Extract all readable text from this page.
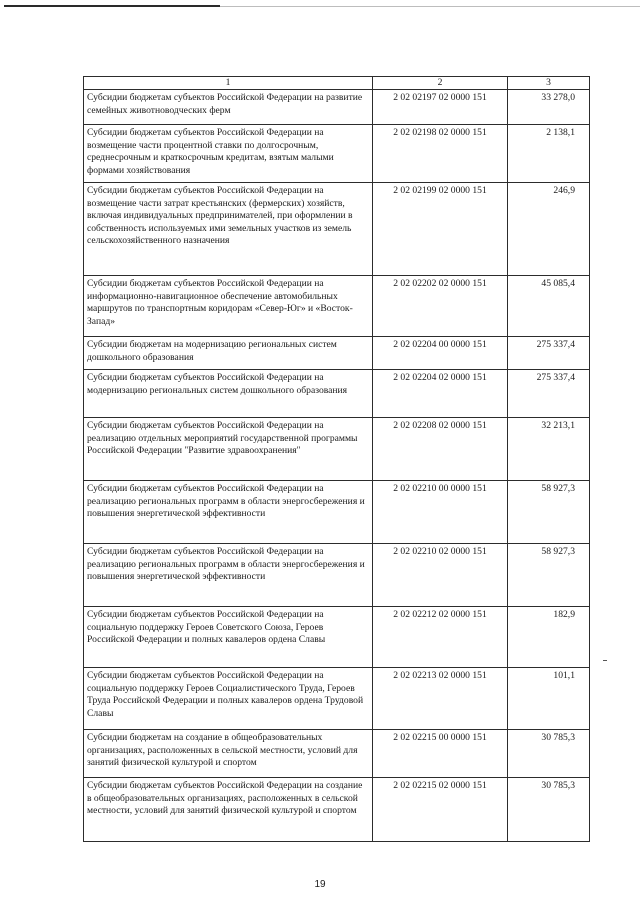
1	2	3
Субсидии бюджетам субъектов Российской Федерации на развитие семейных животноводческих ферм	2 02 02197 02 0000 151	33 278,0
Субсидии бюджетам субъектов Российской Федерации на возмещение части процентной ставки по долгосрочным, среднесрочным и краткосрочным кредитам, взятым малыми формами хозяйствования	2 02 02198 02 0000 151	2 138,1
Субсидии бюджетам субъектов Российской Федерации на возмещение части затрат крестьянских (фермерских) хозяйств, включая индивидуальных предпринимателей, при оформлении в собственность используемых ими земельных участков из земель сельскохозяйственного назначения	2 02 02199 02 0000 151	246,9
Субсидии бюджетам субъектов Российской Федерации на информационно-навигационное обеспечение автомобильных маршрутов по транспортным коридорам «Север-Юг» и «Восток-Запад»	2 02 02202 02 0000 151	45 085,4
Субсидии бюджетам на модернизацию региональных систем дошкольного образования	2 02 02204 00 0000 151	275 337,4
Субсидии бюджетам субъектов Российской Федерации на модернизацию региональных систем дошкольного образования	2 02 02204 02 0000 151	275 337,4
Субсидии бюджетам субъектов Российской Федерации на реализацию отдельных мероприятий государственной программы Российской Федерации "Развитие здравоохранения"	2 02 02208 02 0000 151	32 213,1
Субсидии бюджетам субъектов Российской Федерации на реализацию региональных программ в области энергосбережения и повышения энергетической эффективности	2 02 02210 00 0000 151	58 927,3
Субсидии бюджетам субъектов Российской Федерации на реализацию региональных программ в области энергосбережения и повышения энергетической эффективности	2 02 02210 02 0000 151	58 927,3
Субсидии бюджетам субъектов Российской Федерации на социальную поддержку Героев Советского Союза, Героев Российской Федерации и полных кавалеров ордена Славы	2 02 02212 02 0000 151	182,9
Субсидии бюджетам субъектов Российской Федерации на социальную поддержку Героев Социалистического Труда, Героев Труда Российской Федерации и полных кавалеров ордена Трудовой Славы	2 02 02213 02 0000 151	101,1
Субсидии бюджетам на создание в общеобразовательных организациях, расположенных в сельской местности, условий для занятий физической культурой и спортом	2 02 02215 00 0000 151	30 785,3
Субсидии бюджетам субъектов Российской Федерации на создание в общеобразовательных организациях, расположенных в сельской местности, условий для занятий физической культурой и спортом	2 02 02215 02 0000 151	30 785,3
19
